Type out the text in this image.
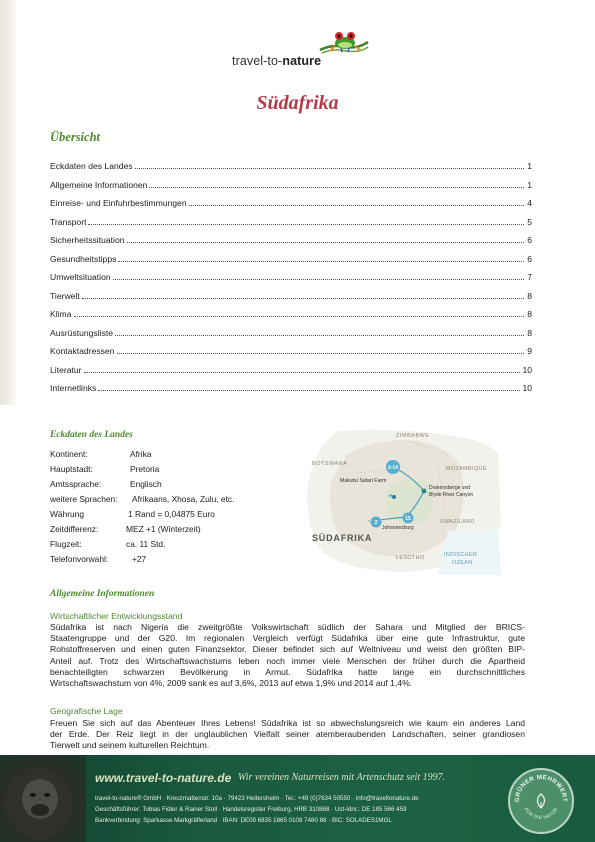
travel-to-nature
Südafrika
Übersicht
Eckdaten des Landes	1
Allgemeine Informationen	1
Einreise- und Einfuhrbestimmungen	4
Transport	5
Sicherheitssituation	6
Gesundheitstipps	6
Umweltsituation	7
Tierwelt	8
Klima	8
Ausrüstungsliste	8
Kontaktadressen	9
Literatur	10
Internetlinks	10
Eckdaten des Landes
Kontinent:	Afrika
Hauptstadt:	Pretoria
Amtssprache:	Englisch
weitere Sprachen: Afrikaans, Xhosa, Zulu, etc.
Währung	1 Rand = 0,04875 Euro
Zeitdifferenz:	MEZ +1 (Winterzeit)
Flugzeit:	ca. 11 Std.
Telefonvorwahl:	+27
✈
ZIMBABWE
BOTSWANA
MOZAMBIQUE
Makutsi Safari Farm
Drakensberge und
Blyde River Canyon
Johannesburg
SWAZILAND
SÜDAFRIKA
LESOTHO	INDISCHER
OZEAN
2-14
2
15
Allgemeine Informationen
Wirtschaftlicher Entwicklungsstand
Südafrika ist nach Nigeria die zweitgrößte Volkswirtschaft südlich der Sahara und Mitglied der BRICS-
Staatengruppe und der G20. Im regionalen Vergleich verfügt Südafrika über eine gute Infrastruktur, gute
Rohstoffreserven und einen guten Finanzsektor. Dieser befindet sich auf Weltniveau und weist den größten BIP-
Anteil auf. Trotz des Wirtschaftswachstums leben noch immer viele Menschen der früher durch die Apartheid
benachteiligten schwarzen Bevölkerung in Armut. Südafrika hatte lange ein durchschnittliches
Wirtschaftswachstum von 4%, 2009 sank es auf 3,6%, 2013 auf etwa 1,9% und 2014 auf 1,4%.
Geografische Lage
Freuen Sie sich auf das Abenteuer Ihres Lebens! Südafrika ist so abwechslungsreich wie kaum ein anderes Land
der Erde. Der Reiz liegt in der unglaublichen Vielfalt seiner atemberaubenden Landschaften, seiner grandiosen
Tierwelt und seinem kulturellen Reichtum.
www.travel-to-nature.de Wir vereinen Naturreisen mit Artenschutz seit 1997.
travel-to-nature® GmbH · Kreuzmattenstr. 10a · 79423 Heitersheim · Tel.: +49 (0)7634 50550 · info@traveltonature.de
Geschäftsführer: Tobias Fidler & Rainer Stoll · Handelsregister Freiburg, HRB 310868 · Ust-Idnr.: DE 185 566 459
Bankverbindung: Sparkasse Markgräflerland · IBAN: DE09 6835 1865 0108 7480 88 · BIC: SOLADES1MGL
GRÜNER MEHRWERT
FÜR DIE NATUR
